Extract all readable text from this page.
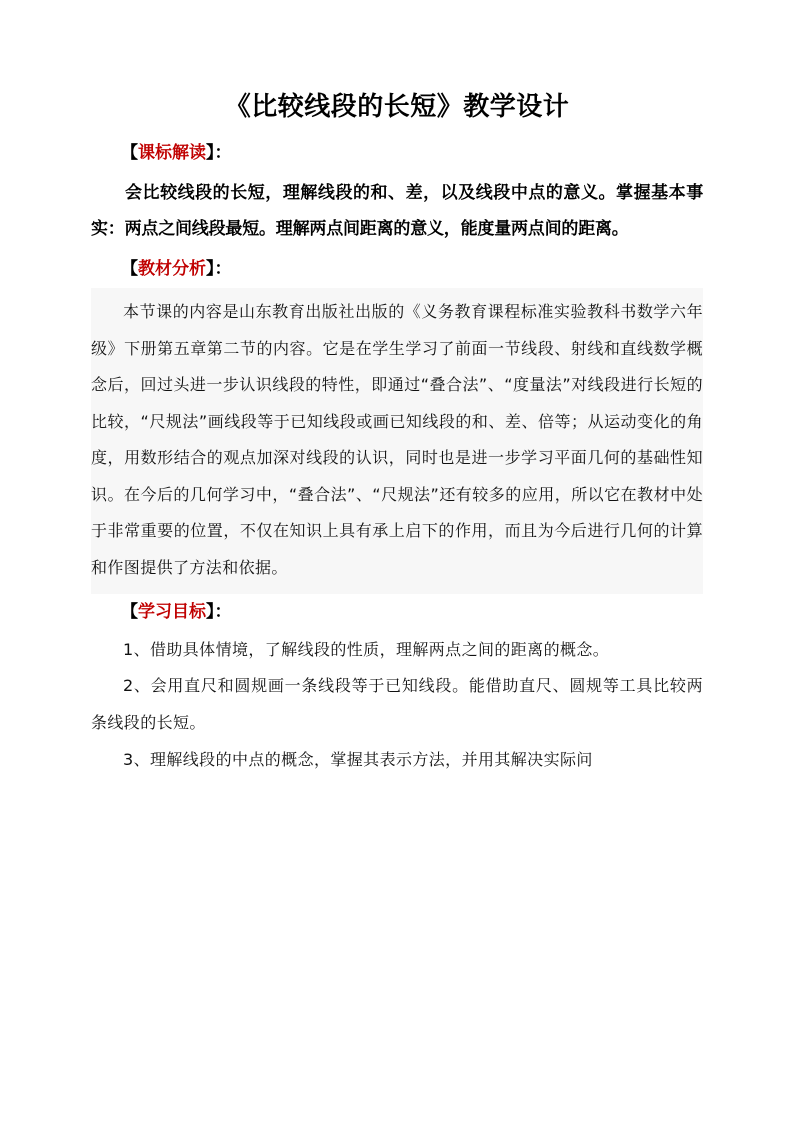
《比较线段的长短》教学设计

【课标解读】：

会比较线段的长短，理解线段的和、差，以及线段中点的意义。掌握基本事实：两点之间线段最短。理解两点间距离的意义，能度量两点间的距离。

【教材分析】：

本节课的内容是山东教育出版社出版的《义务教育课程标准实验教科书数学六年级》下册第五章第二节的内容。它是在学生学习了前面一节线段、射线和直线数学概念后，回过头进一步认识线段的特性，即通过“叠合法”、“度量法”对线段进行长短的比较，“尺规法”画线段等于已知线段或画已知线段的和、差、倍等；从运动变化的角度，用数形结合的观点加深对线段的认识，同时也是进一步学习平面几何的基础性知识。在今后的几何学习中，“叠合法”、“尺规法”还有较多的应用，所以它在教材中处于非常重要的位置，不仅在知识上具有承上启下的作用，而且为今后进行几何的计算和作图提供了方法和依据。

【学习目标】：

1、借助具体情境，了解线段的性质，理解两点之间的距离的概念。

2、会用直尺和圆规画一条线段等于已知线段。能借助直尺、圆规等工具比较两条线段的长短。

3、理解线段的中点的概念，掌握其表示方法，并用其解决实际问
